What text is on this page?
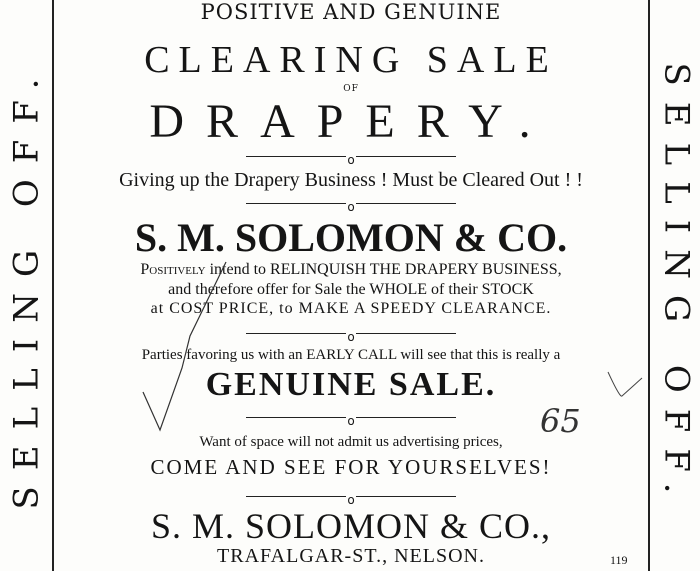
SELLING OFF.	SELLING OFF.
POSITIVE AND GENUINE
CLEARING SALE
OF
DRAPERY.
o
Giving up the Drapery Business ! Must be Cleared Out ! !
o
S. M. SOLOMON & CO.
Positively intend to RELINQUISH THE DRAPERY BUSINESS,
and therefore offer for Sale the WHOLE of their STOCK
at COST PRICE, to MAKE A SPEEDY CLEARANCE.
o
Parties favoring us with an EARLY CALL will see that this is really a
GENUINE SALE.
o
Want of space will not admit us advertising prices,
COME AND SEE FOR YOURSELVES!
o
S. M. SOLOMON & CO.,
TRAFALGAR-ST., NELSON.	119
65
